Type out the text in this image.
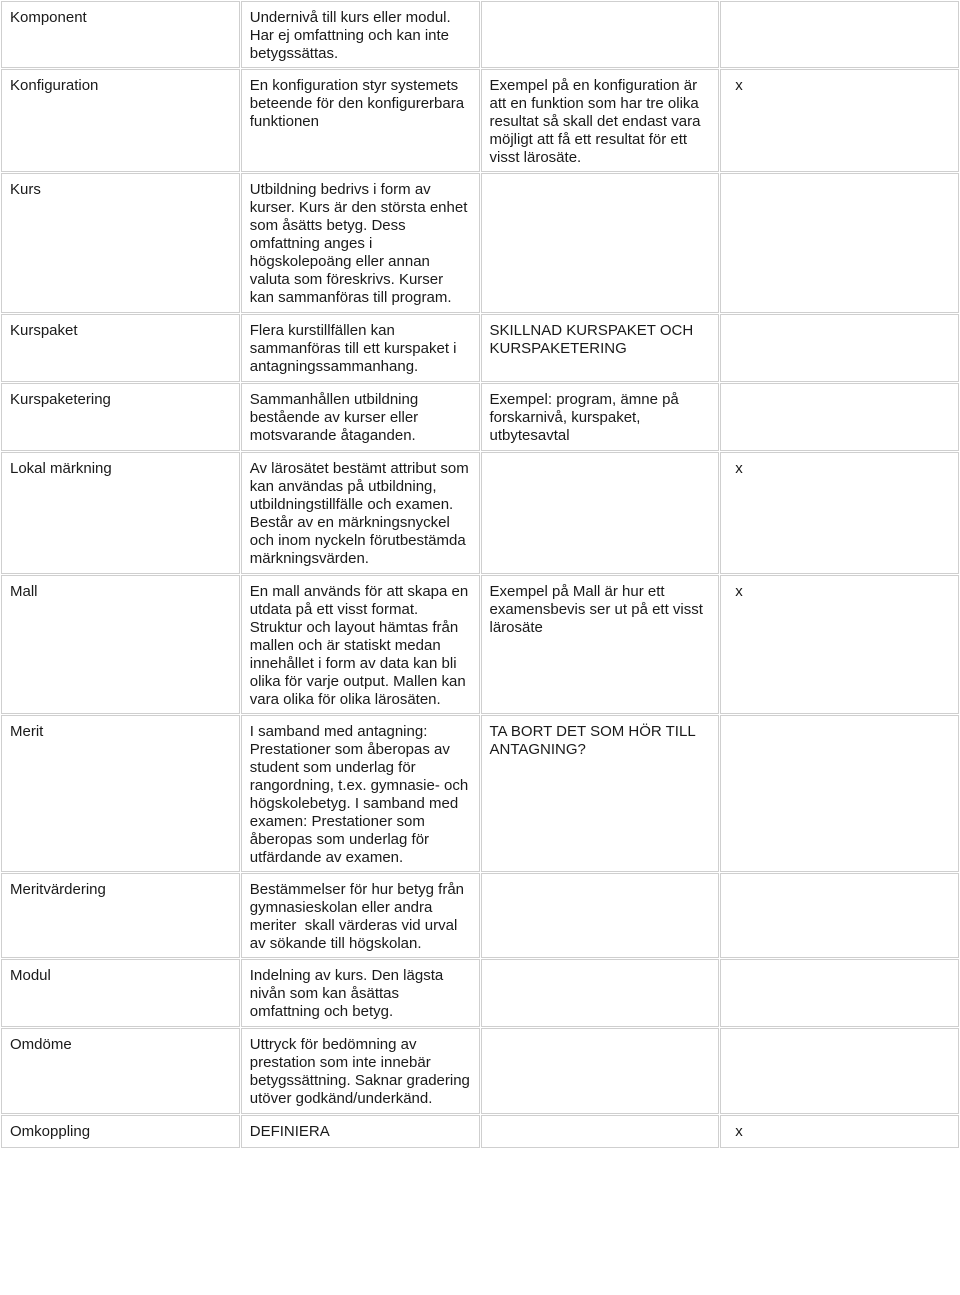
Komponent	Undernivå till kurs eller modul. Har ej omfattning och kan inte betygssättas.		
Konfiguration	En konfiguration styr systemets beteende för den konfigurerbara funktionen	Exempel på en konfiguration är att en funktion som har tre olika resultat så skall det endast vara möjligt att få ett resultat för ett visst lärosäte.	x
Kurs	Utbildning bedrivs i form av kurser. Kurs är den största enhet som åsätts betyg. Dess omfattning anges i högskolepoäng eller annan valuta som föreskrivs. Kurser kan sammanföras till program.		
Kurspaket	Flera kurstillfällen kan sammanföras till ett kurspaket i antagningssammanhang.	SKILLNAD KURSPAKET OCH KURSPAKETERING	
Kurspaketering	Sammanhållen utbildning bestående av kurser eller motsvarande åtaganden.	Exempel: program, ämne på forskarnivå, kurspaket, utbytesavtal	
Lokal märkning	Av lärosätet bestämt attribut som kan användas på utbildning, utbildningstillfälle och examen. Består av en märkningsnyckel och inom nyckeln förutbestämda märkningsvärden.		x
Mall	En mall används för att skapa en utdata på ett visst format. Struktur och layout hämtas från mallen och är statiskt medan innehållet i form av data kan bli olika för varje output. Mallen kan vara olika för olika lärosäten.	Exempel på Mall är hur ett examensbevis ser ut på ett visst lärosäte	x
Merit	I samband med antagning: Prestationer som åberopas av student som underlag för rangordning, t.ex. gymnasie- och högskolebetyg. I samband med examen: Prestationer som åberopas som underlag för utfärdande av examen.	TA BORT DET SOM HÖR TILL ANTAGNING?	
Meritvärdering	Bestämmelser för hur betyg från gymnasieskolan eller andra meriter  skall värderas vid urval av sökande till högskolan.		
Modul	Indelning av kurs. Den lägsta nivån som kan åsättas omfattning och betyg.		
Omdöme	Uttryck för bedömning av prestation som inte innebär betygssättning. Saknar gradering utöver godkänd/underkänd.		
Omkoppling	DEFINIERA		x
